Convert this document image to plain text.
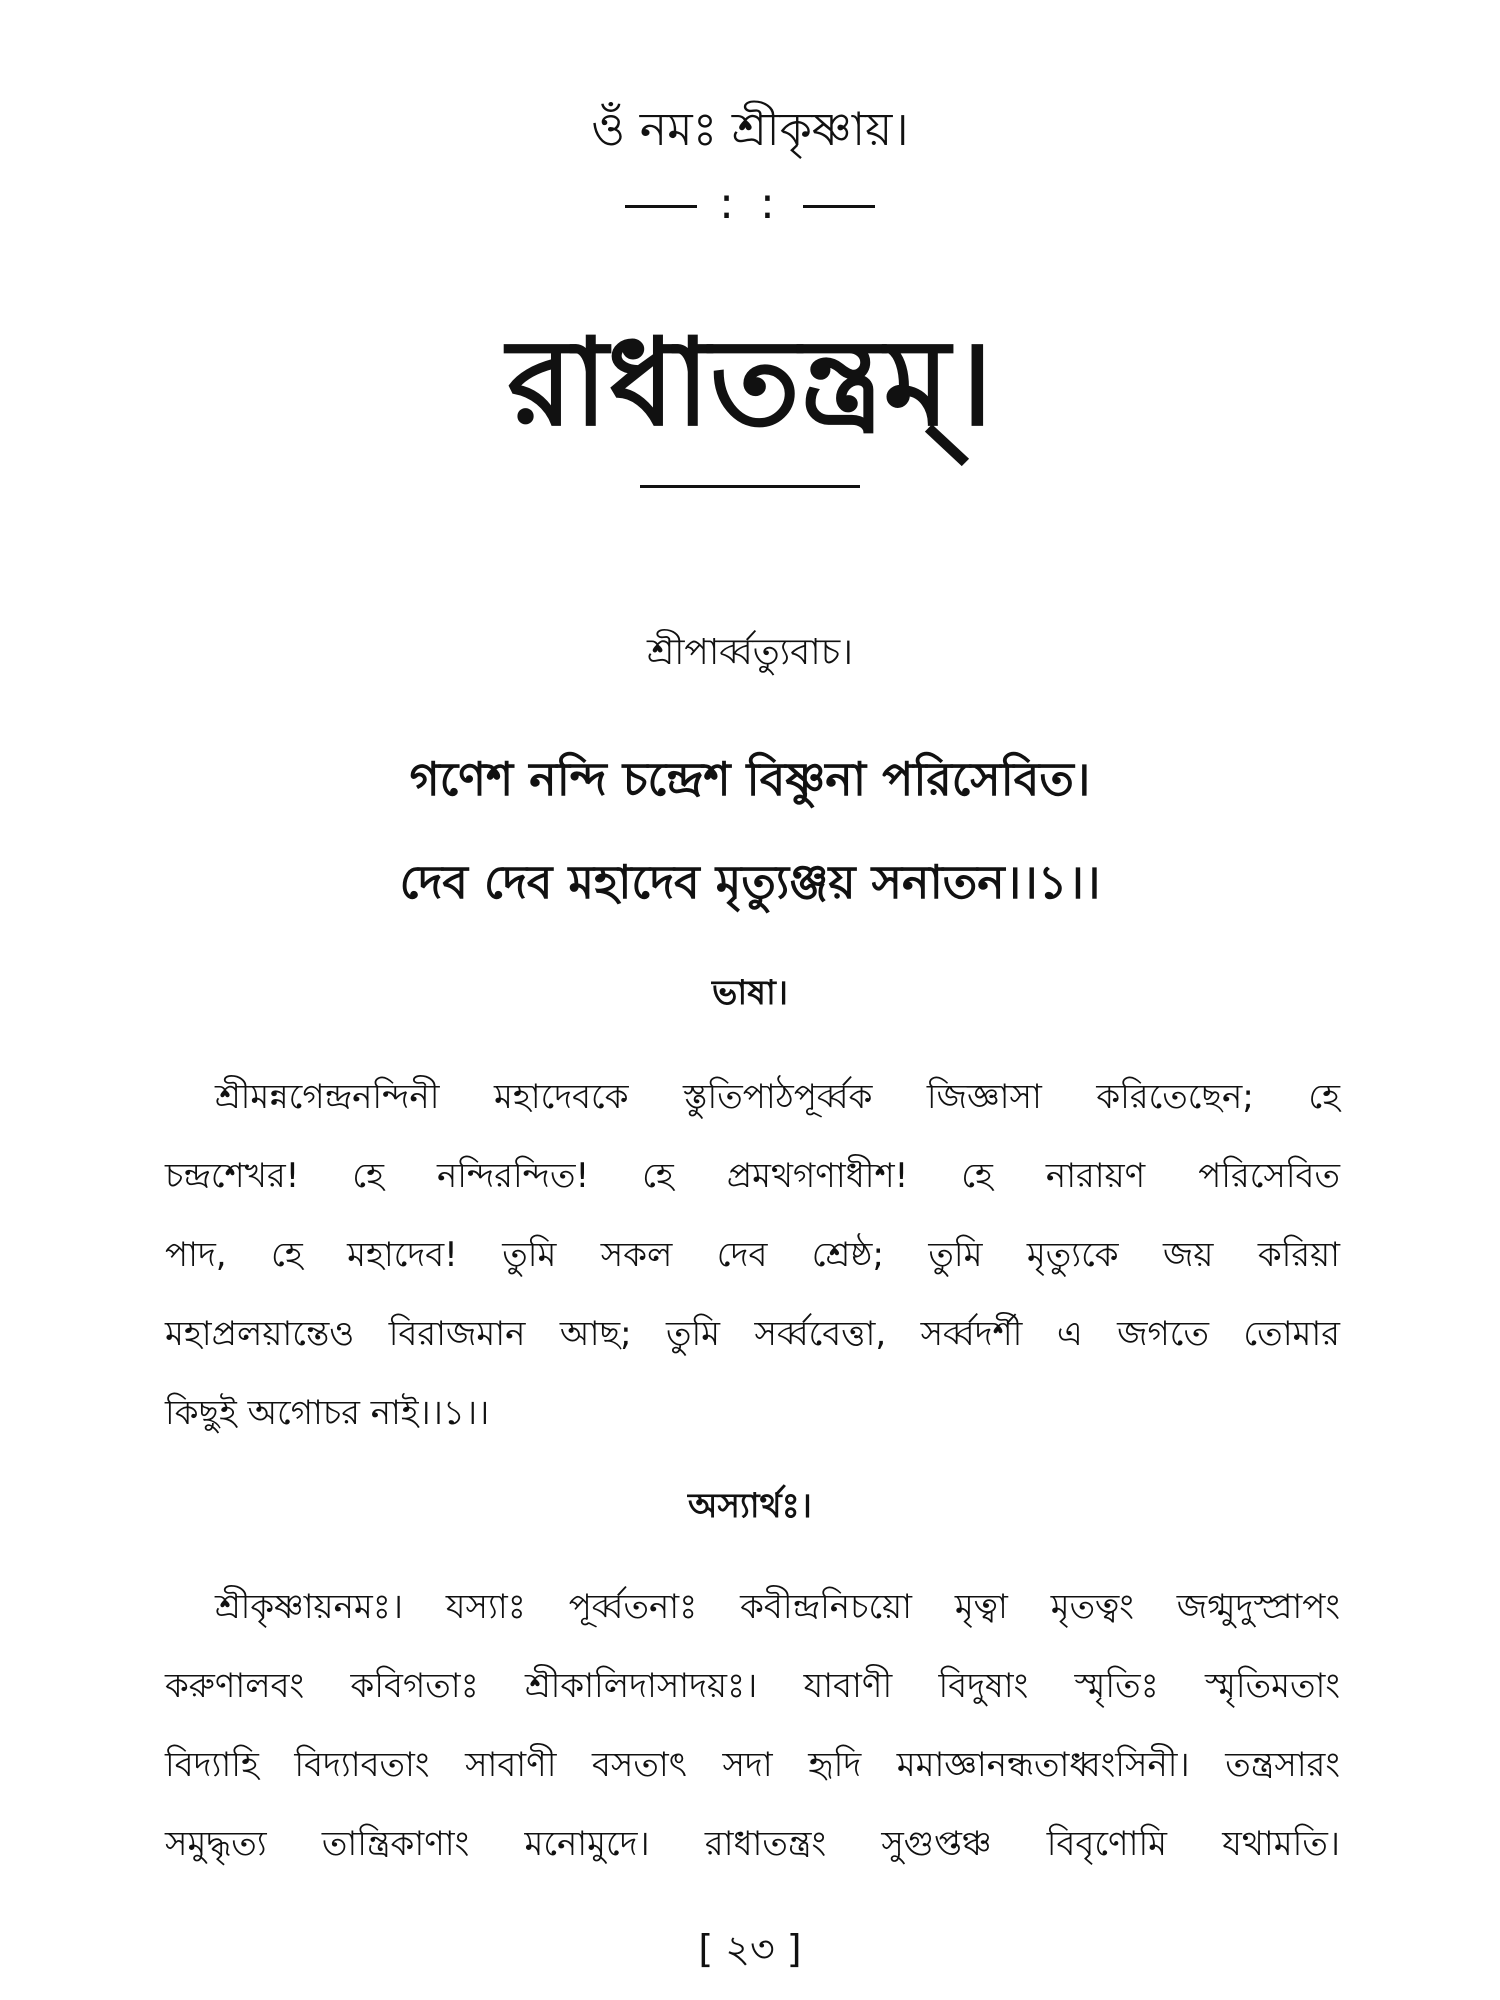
ওঁ নমঃ শ্রীকৃষ্ণায়।
: :
রাধাতন্ত্রম্।
শ্রীপার্ব্বত্যুবাচ।
গণেশ নন্দি চন্দ্রেশ বিষ্ণুনা পরিসেবিত।
দেব দেব মহাদেব মৃত্যুঞ্জয় সনাতন।।১।।
ভাষা।
শ্রীমন্নগেন্দ্রনন্দিনী মহাদেবকে স্তুতিপাঠপূর্ব্বক জিজ্ঞাসা করিতেছেন; হে
চন্দ্রশেখর! হে নন্দিরন্দিত! হে প্রমথগণাধীশ! হে নারায়ণ পরিসেবিত
পাদ, হে মহাদেব! তুমি সকল দেব শ্রেষ্ঠ; তুমি মৃত্যুকে জয় করিয়া
মহাপ্রলয়ান্তেও বিরাজমান আছ; তুমি সর্ব্ববেত্তা, সর্ব্বদর্শী এ জগতে তোমার
কিছুই অগোচর নাই।।১।।
অস্যার্থঃ।
শ্রীকৃষ্ণায়নমঃ। যস্যাঃ পূর্ব্বতনাঃ কবীন্দ্রনিচয়ো মৃত্বা মৃতত্বং জগ্মুদুস্প্রাপং
করুণালবং কবিগতাঃ শ্রীকালিদাসাদয়ঃ। যাবাণী বিদুষাং স্মৃতিঃ স্মৃতিমতাং
বিদ্যাহি বিদ্যাবতাং সাবাণী বসতাৎ সদা হৃদি মমাজ্ঞানন্ধতাধ্বংসিনী। তন্ত্রসারং
সমুদ্ধৃত্য তান্ত্রিকাণাং মনোমুদে। রাধাতন্ত্রং সুগুপ্তঞ্চ বিবৃণোমি যথামতি।
[ ২৩ ]
